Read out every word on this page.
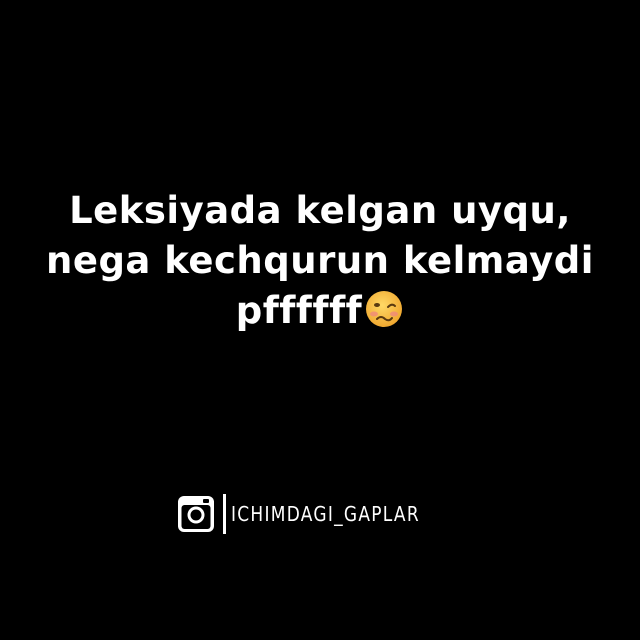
Leksiyada kelgan uyqu,
nega kechqurun kelmaydi
pffffff
ICHIMDAGI_GAPLAR
